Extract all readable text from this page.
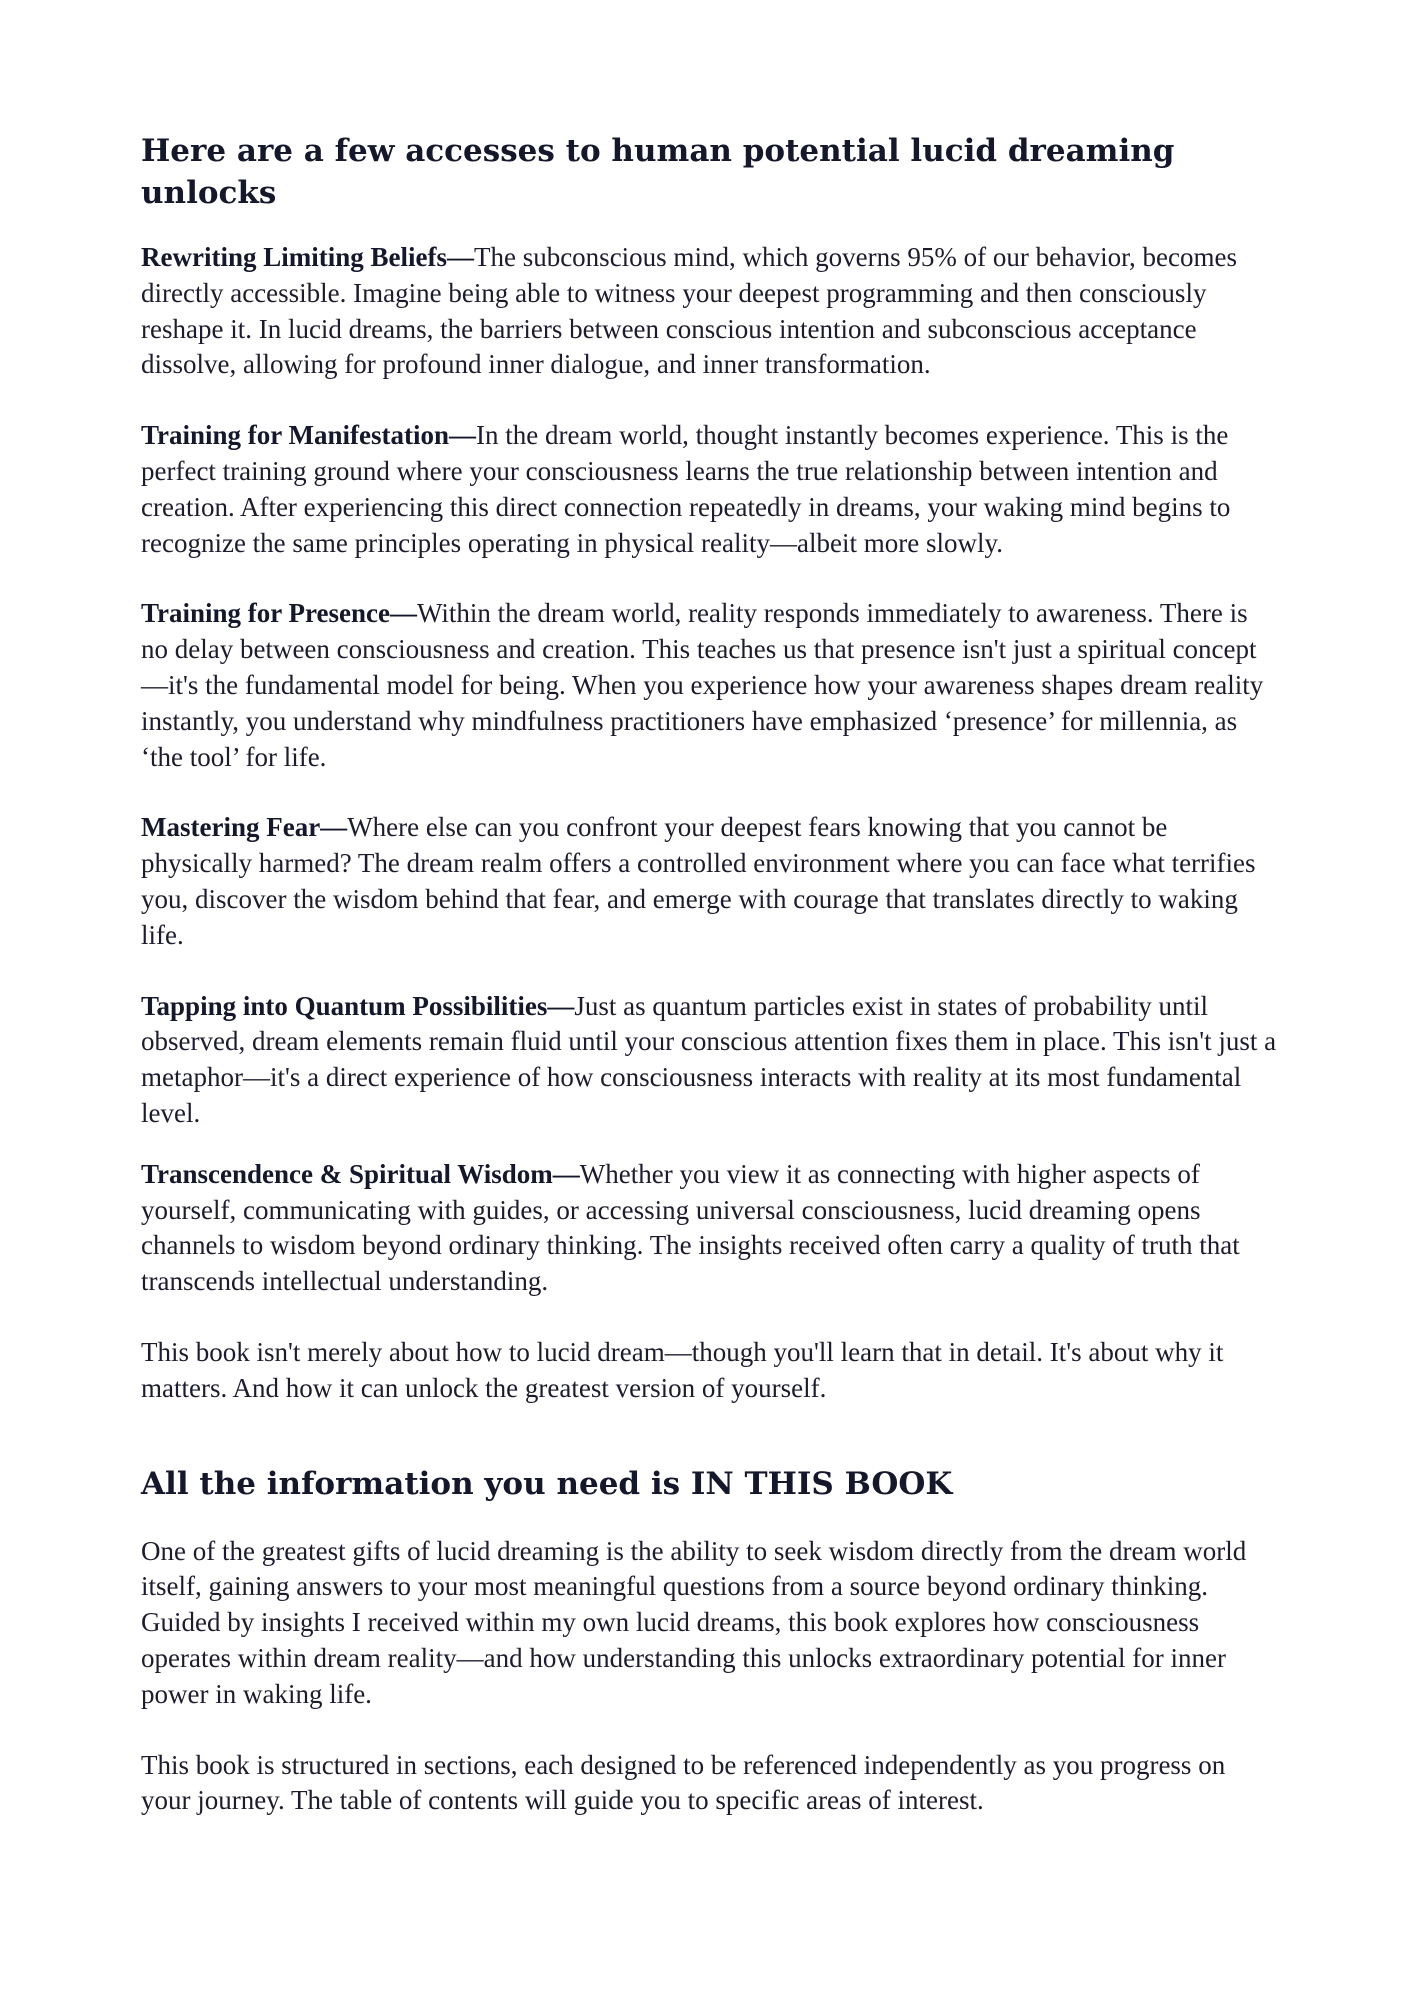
Here are a few accesses to human potential lucid dreaming unlocks

Rewriting Limiting Beliefs—The subconscious mind, which governs 95% of our behavior, becomes directly accessible. Imagine being able to witness your deepest programming and then consciously reshape it. In lucid dreams, the barriers between conscious intention and subconscious acceptance dissolve, allowing for profound inner dialogue, and inner transformation.

Training for Manifestation—In the dream world, thought instantly becomes experience. This is the perfect training ground where your consciousness learns the true relationship between intention and creation. After experiencing this direct connection repeatedly in dreams, your waking mind begins to recognize the same principles operating in physical reality—albeit more slowly.

Training for Presence—Within the dream world, reality responds immediately to awareness. There is no delay between consciousness and creation. This teaches us that presence isn't just a spiritual concept—it's the fundamental model for being. When you experience how your awareness shapes dream reality instantly, you understand why mindfulness practitioners have emphasized ‘presence’ for millennia, as ‘the tool’ for life.

Mastering Fear—Where else can you confront your deepest fears knowing that you cannot be physically harmed? The dream realm offers a controlled environment where you can face what terrifies you, discover the wisdom behind that fear, and emerge with courage that translates directly to waking life.

Tapping into Quantum Possibilities—Just as quantum particles exist in states of probability until observed, dream elements remain fluid until your conscious attention fixes them in place. This isn't just a metaphor—it's a direct experience of how consciousness interacts with reality at its most fundamental level.

Transcendence & Spiritual Wisdom—Whether you view it as connecting with higher aspects of yourself, communicating with guides, or accessing universal consciousness, lucid dreaming opens channels to wisdom beyond ordinary thinking. The insights received often carry a quality of truth that transcends intellectual understanding.

This book isn't merely about how to lucid dream—though you'll learn that in detail. It's about why it matters. And how it can unlock the greatest version of yourself.

All the information you need is IN THIS BOOK

One of the greatest gifts of lucid dreaming is the ability to seek wisdom directly from the dream world itself, gaining answers to your most meaningful questions from a source beyond ordinary thinking. Guided by insights I received within my own lucid dreams, this book explores how consciousness operates within dream reality—and how understanding this unlocks extraordinary potential for inner power in waking life.

This book is structured in sections, each designed to be referenced independently as you progress on your journey. The table of contents will guide you to specific areas of interest.
